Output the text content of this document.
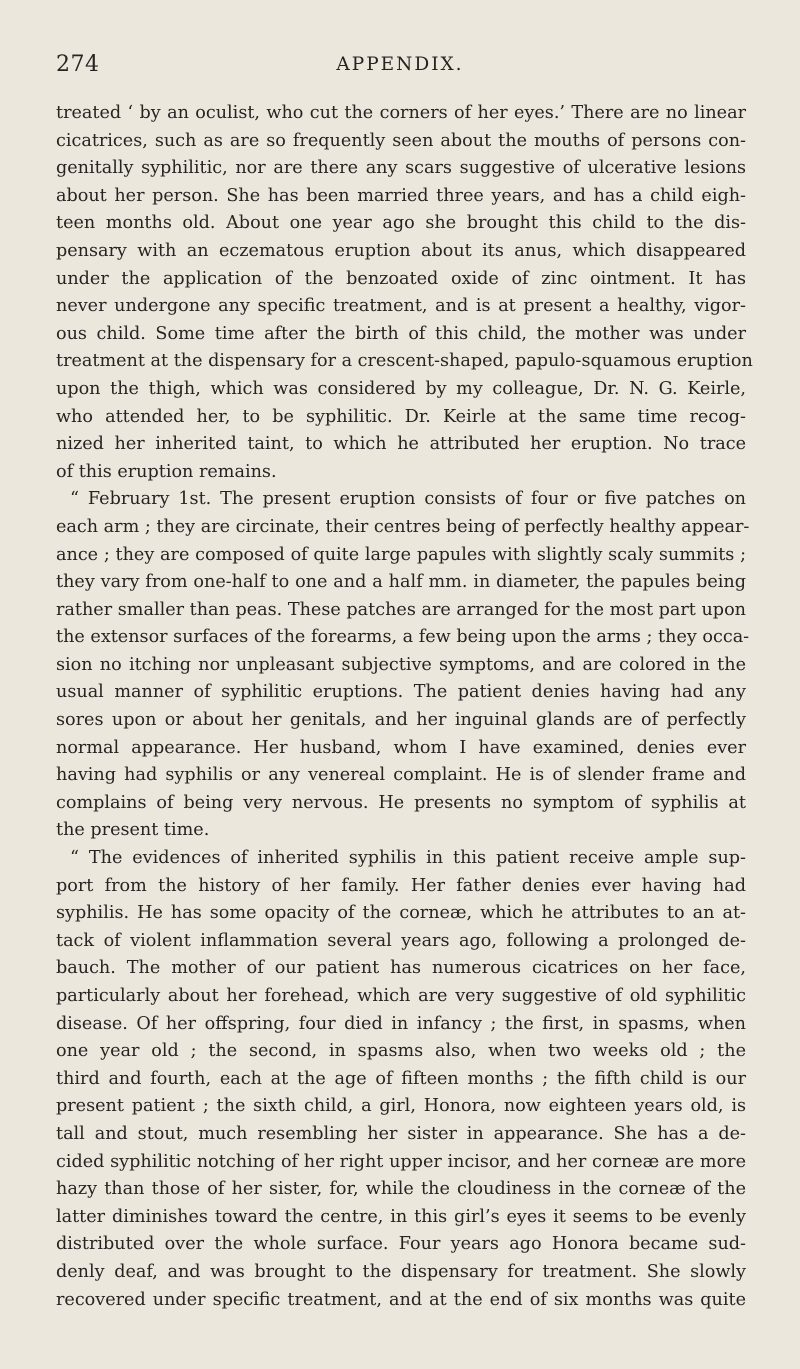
274	APPENDIX.
treated ‘ by an oculist, who cut the corners of her eyes.’ There are no linear
cicatrices, such as are so frequently seen about the mouths of persons con-
genitally syphilitic, nor are there any scars suggestive of ulcerative lesions
about her person. She has been married three years, and has a child eigh-
teen months old. About one year ago she brought this child to the dis-
pensary with an eczematous eruption about its anus, which disappeared
under the application of the benzoated oxide of zinc ointment. It has
never undergone any specific treatment, and is at present a healthy, vigor-
ous child. Some time after the birth of this child, the mother was under
treatment at the dispensary for a crescent-shaped, papulo-squamous eruption
upon the thigh, which was considered by my colleague, Dr. N. G. Keirle,
who attended her, to be syphilitic. Dr. Keirle at the same time recog-
nized her inherited taint, to which he attributed her eruption. No trace
of this eruption remains.
“ February 1st. The present eruption consists of four or five patches on
each arm ; they are circinate, their centres being of perfectly healthy appear-
ance ; they are composed of quite large papules with slightly scaly summits ;
they vary from one-half to one and a half mm. in diameter, the papules being
rather smaller than peas. These patches are arranged for the most part upon
the extensor surfaces of the forearms, a few being upon the arms ; they occa-
sion no itching nor unpleasant subjective symptoms, and are colored in the
usual manner of syphilitic eruptions. The patient denies having had any
sores upon or about her genitals, and her inguinal glands are of perfectly
normal appearance. Her husband, whom I have examined, denies ever
having had syphilis or any venereal complaint. He is of slender frame and
complains of being very nervous. He presents no symptom of syphilis at
the present time.
“ The evidences of inherited syphilis in this patient receive ample sup-
port from the history of her family. Her father denies ever having had
syphilis. He has some opacity of the corneæ, which he attributes to an at-
tack of violent inflammation several years ago, following a prolonged de-
bauch. The mother of our patient has numerous cicatrices on her face,
particularly about her forehead, which are very suggestive of old syphilitic
disease. Of her offspring, four died in infancy ; the first, in spasms, when
one year old ; the second, in spasms also, when two weeks old ; the
third and fourth, each at the age of fifteen months ; the fifth child is our
present patient ; the sixth child, a girl, Honora, now eighteen years old, is
tall and stout, much resembling her sister in appearance. She has a de-
cided syphilitic notching of her right upper incisor, and her corneæ are more
hazy than those of her sister, for, while the cloudiness in the corneæ of the
latter diminishes toward the centre, in this girl’s eyes it seems to be evenly
distributed over the whole surface. Four years ago Honora became sud-
denly deaf, and was brought to the dispensary for treatment. She slowly
recovered under specific treatment, and at the end of six months was quite
